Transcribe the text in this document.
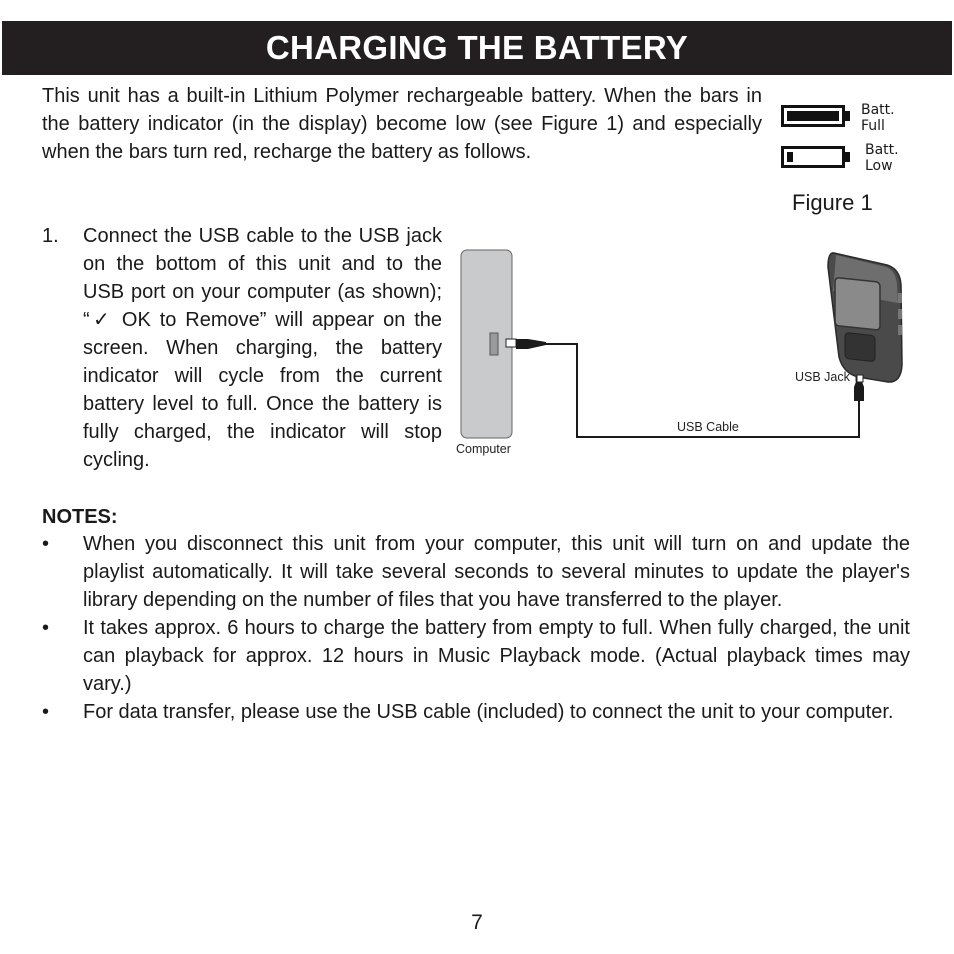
CHARGING THE BATTERY

This unit has a built-in Lithium Polymer rechargeable battery. When the bars in the battery indicator (in the display) become low (see Figure 1) and especially when the bars turn red, recharge the battery as follows.

Batt.
Full
Batt.
Low

Figure 1

1. Connect the USB cable to the USB jack on the bottom of this unit and to the USB port on your computer (as shown); “✓ OK to Remove” will appear on the screen. When charging, the battery indicator will cycle from the current battery level to full. Once the battery is fully charged, the indicator will stop cycling.	Computer
USB Cable
USB Jack

NOTES:

• When you disconnect this unit from your computer, this unit will turn on and update the playlist automatically. It will take several seconds to several minutes to update the player's library depending on the number of files that you have transferred to the player.
• It takes approx. 6 hours to charge the battery from empty to full. When fully charged, the unit can playback for approx. 12 hours in Music Playback mode. (Actual playback times may vary.)
• For data transfer, please use the USB cable (included) to connect the unit to your computer.

7
